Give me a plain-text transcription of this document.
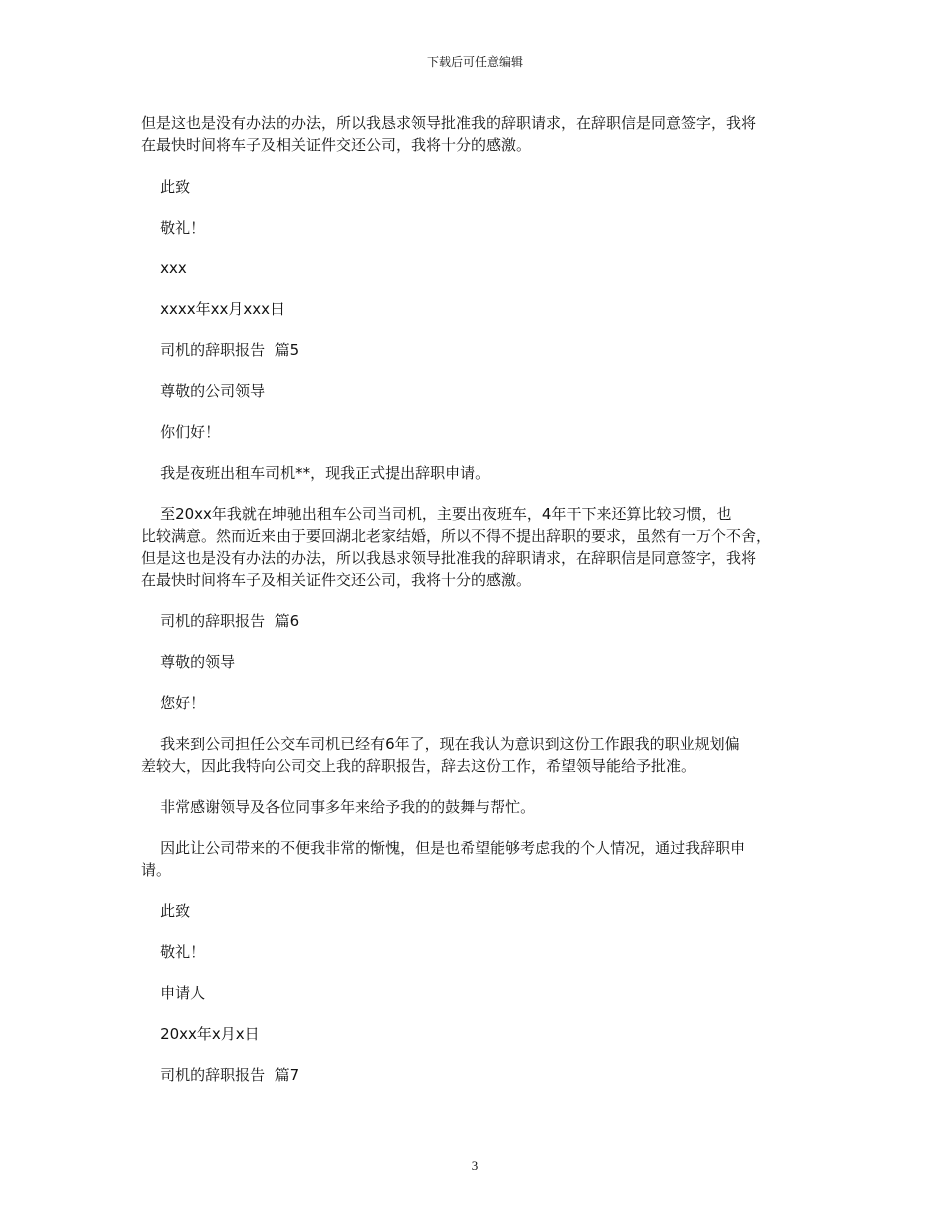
下载后可任意编辑
但是这也是没有办法的办法，所以我恳求领导批准我的辞职请求，在辞职信是同意签字，我将
在最快时间将车子及相关证件交还公司，我将十分的感激。
此致
敬礼！
xxx
xxxx年xx月xxx日
司机的辞职报告  篇5
尊敬的公司领导
你们好！
我是夜班出租车司机**，现我正式提出辞职申请。
至20xx年我就在坤驰出租车公司当司机，主要出夜班车，4年干下来还算比较习惯，也
比较满意。然而近来由于要回湖北老家结婚，所以不得不提出辞职的要求，虽然有一万个不舍，
但是这也是没有办法的办法，所以我恳求领导批准我的辞职请求，在辞职信是同意签字，我将
在最快时间将车子及相关证件交还公司，我将十分的感激。
司机的辞职报告  篇6
尊敬的领导
您好！
我来到公司担任公交车司机已经有6年了，现在我认为意识到这份工作跟我的职业规划偏
差较大，因此我特向公司交上我的辞职报告，辞去这份工作，希望领导能给予批准。
非常感谢领导及各位同事多年来给予我的的鼓舞与帮忙。
因此让公司带来的不便我非常的惭愧，但是也希望能够考虑我的个人情况，通过我辞职申
请。
此致
敬礼！
申请人
20xx年x月x日
司机的辞职报告  篇7
3
